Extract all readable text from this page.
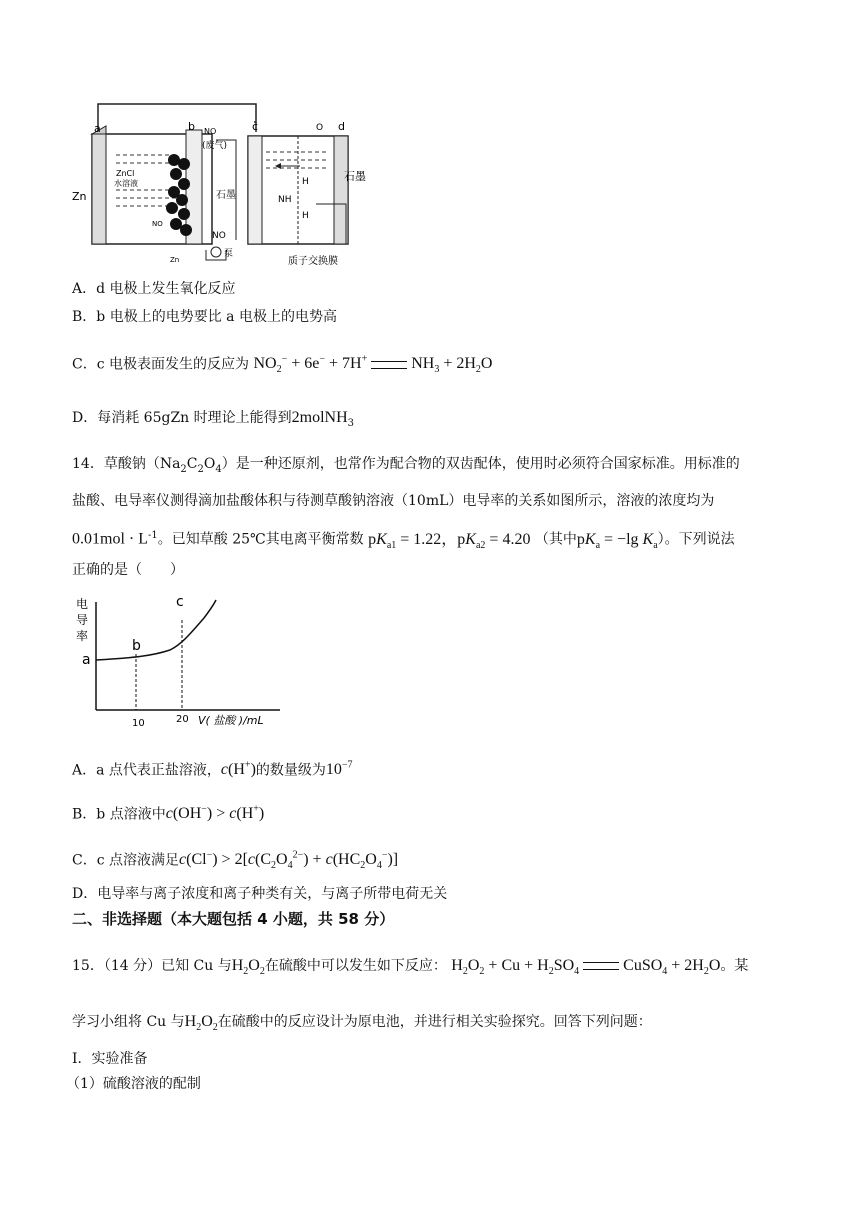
a	b	c	d
Zn
石墨
石墨
NO
(废气)
ZnCl
水溶液
NO
NO
泵
Zn
O
H
NH
H
质子交换膜
A．d 电极上发生氧化反应
B．b 电极上的电势要比 a 电极上的电势高
C．c 电极表面发生的反应为 $NO_2^- + 6e^- + 7H^+$	$NH_3 + 2H_2O$
D．每消耗 65gZn 时理论上能得到2molNH$_3$
14．草酸钠$(Na_2C_2O_4)$是一种还原剂，也常作为配合物的双齿配体，使用时必须符合国家标准。用标准的
盐酸、电导率仪测得滴加盐酸体积与待测草酸钠溶液（10mL）电导率的关系如图所示，溶液的浓度均为
$0.01mol \cdot L^{-1}$。已知草酸 25℃其电离平衡常数 $pK_{a1} = 1.22$，$pK_{a2} = 4.20$ （其中$pK_a = -\lg$ $K_a$）。下列说法
正确的是（　　）
电
导
率
a
b
c
10	20 V( 盐酸 )/mL
A．a 点代表正盐溶液，c(H+)的数量级为$10^{-7}$
B．b 点溶液中c(OH−) > c(H+)
C．c 点溶液满足$c(Cl^-) > 2[c(C_2O_4^{2-}) + c(HC_2O_4^-)]$
D．电导率与离子浓度和离子种类有关，与离子所带电荷无关
二、非选择题（本大题包括 4 小题，共 58 分）
15．（14 分）已知 Cu 与$H_2O_2$在硫酸中可以发生如下反应： $H_2O_2 + Cu + H_2SO_4$	CuSO$_4$ + $2H_2O$。某
学习小组将 Cu 与$H_2O_2$在硫酸中的反应设计为原电池，并进行相关实验探究。回答下列问题：
Ⅰ．实验准备
（1）硫酸溶液的配制
